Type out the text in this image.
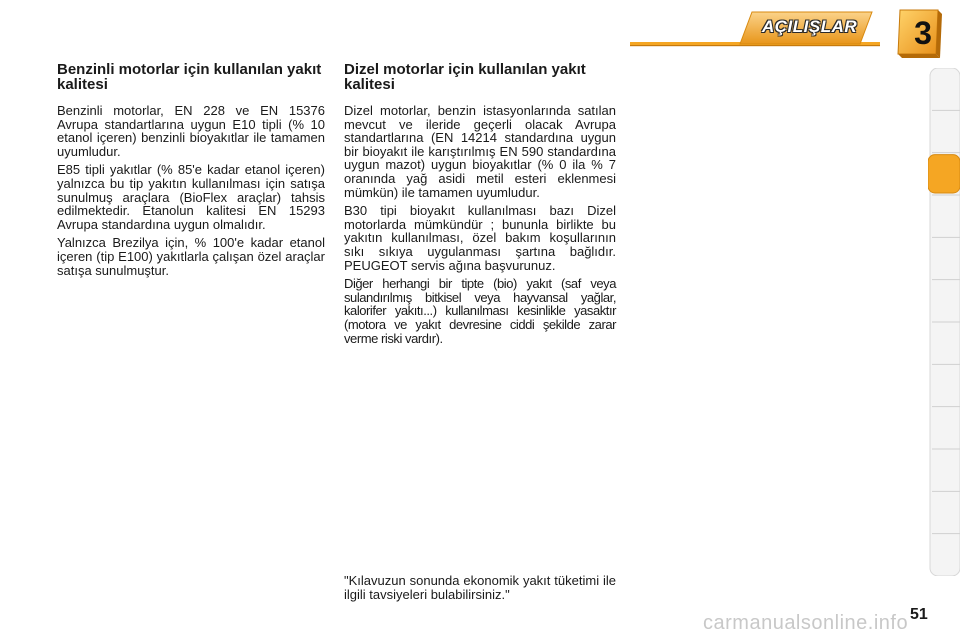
AÇILIŞLAR 3
Benzinli motorlar için kullanılan yakıt kalitesi

Benzinli motorlar, EN 228 ve EN 15376 Avrupa standartlarına uygun E10 tipli (% 10 etanol içeren) benzinli bioyakıtlar ile tamamen uyumludur.

E85 tipli yakıtlar (% 85'e kadar etanol içeren) yalnızca bu tip yakıtın kullanılması için satışa sunulmuş araçlara (BioFlex araçlar) tahsis edilmektedir. Etanolun kalitesi EN 15293 Avrupa standardına uygun olmalıdır.

Yalnızca Brezilya için, % 100'e kadar etanol içeren (tip E100) yakıtlarla çalışan özel araçlar satışa sunulmuştur.

Dizel motorlar için kullanılan yakıt kalitesi

Dizel motorlar, benzin istasyonlarında satılan mevcut ve ileride geçerli olacak Avrupa standartlarına (EN 14214 standardına uygun bir bioyakıt ile karıştırılmış EN 590 standardına uygun mazot) uygun bioyakıtlar (% 0 ila % 7 oranında yağ asidi metil esteri eklenmesi mümkün) ile tamamen uyumludur.

B30 tipi bioyakıt kullanılması bazı Dizel motorlarda mümkündür ; bununla birlikte bu yakıtın kullanılması, özel bakım koşullarının sıkı sıkıya uygulanması şartına bağlıdır. PEUGEOT servis ağına başvurunuz.

Diğer herhangi bir tipte (bio) yakıt (saf veya sulandırılmış bitkisel veya hayvansal yağlar, kalorifer yakıtı...) kullanılması kesinlikle yasaktır (motora ve yakıt devresine ciddi şekilde zarar verme riski vardır).

"Kılavuzun sonunda ekonomik yakıt tüketimi ile ilgili tavsiyeleri bulabilirsiniz."

carmanualsonline.info 51
